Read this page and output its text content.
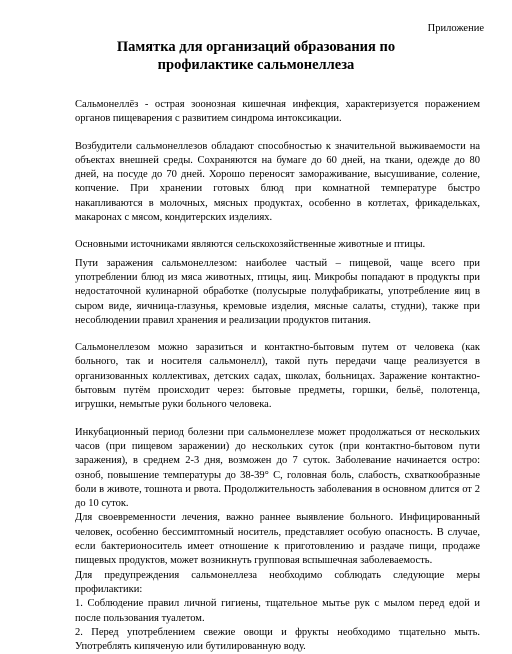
Приложение
Памятка для организаций образования по
профилактике сальмонеллеза

Сальмонеллёз - острая зоонозная кишечная инфекция, характеризуется поражением органов пищеварения с развитием синдрома интоксикации.

Возбудители сальмонеллезов обладают способностью к значительной выживаемости на объектах внешней среды. Сохраняются на бумаге до 60 дней, на ткани, одежде до 80 дней, на посуде до 70 дней. Хорошо переносят замораживание, высушивание, соление, копчение. При хранении готовых блюд при комнатной температуре быстро накапливаются в молочных, мясных продуктах, особенно в котлетах, фрикадельках, макаронах с мясом, кондитерских изделиях.

Основными источниками являются сельскохозяйственные животные и птицы.

Пути заражения сальмонеллезом: наиболее частый – пищевой, чаще всего при употреблении блюд из мяса животных, птицы, яиц. Микробы попадают в продукты при недостаточной кулинарной обработке (полусырые полуфабрикаты, употребление яиц в сыром виде, яичница-глазунья, кремовые изделия, мясные салаты, студни), также при несоблюдении правил хранения и реализации продуктов питания.

Сальмонеллезом можно заразиться и контактно-бытовым путем от человека (как больного, так и носителя сальмонелл), такой путь передачи чаще реализуется в организованных коллективах, детских садах, школах, больницах. Заражение контактно-бытовым путём происходит через: бытовые предметы, горшки, бельё, полотенца, игрушки, немытые руки больного человека.

Инкубационный период болезни при сальмонеллезе может продолжаться от нескольких часов (при пищевом заражении) до нескольких суток (при контактно-бытовом пути заражения), в среднем 2-3 дня, возможен до 7 суток. Заболевание начинается остро: озноб, повышение температуры до 38-39° С, головная боль, слабость, схваткообразные боли в животе, тошнота и рвота. Продолжительность заболевания в основном длится от 2 до 10 суток.

Для своевременности лечения, важно раннее выявление больного. Инфицированный человек, особенно бессимптомный носитель, представляет особую опасность. В случае, если бактерионоситель имеет отношение к приготовлению и раздаче пищи, продаже пищевых продуктов, может возникнуть групповая вспышечная заболеваемость.

Для предупреждения сальмонеллеза необходимо соблюдать следующие меры профилактики:

1. Соблюдение правил личной гигиены, тщательное мытье рук с мылом перед едой и после пользования туалетом.

2. Перед употреблением свежие овощи и фрукты необходимо тщательно мыть. Употреблять кипяченую или бутилированную воду.
